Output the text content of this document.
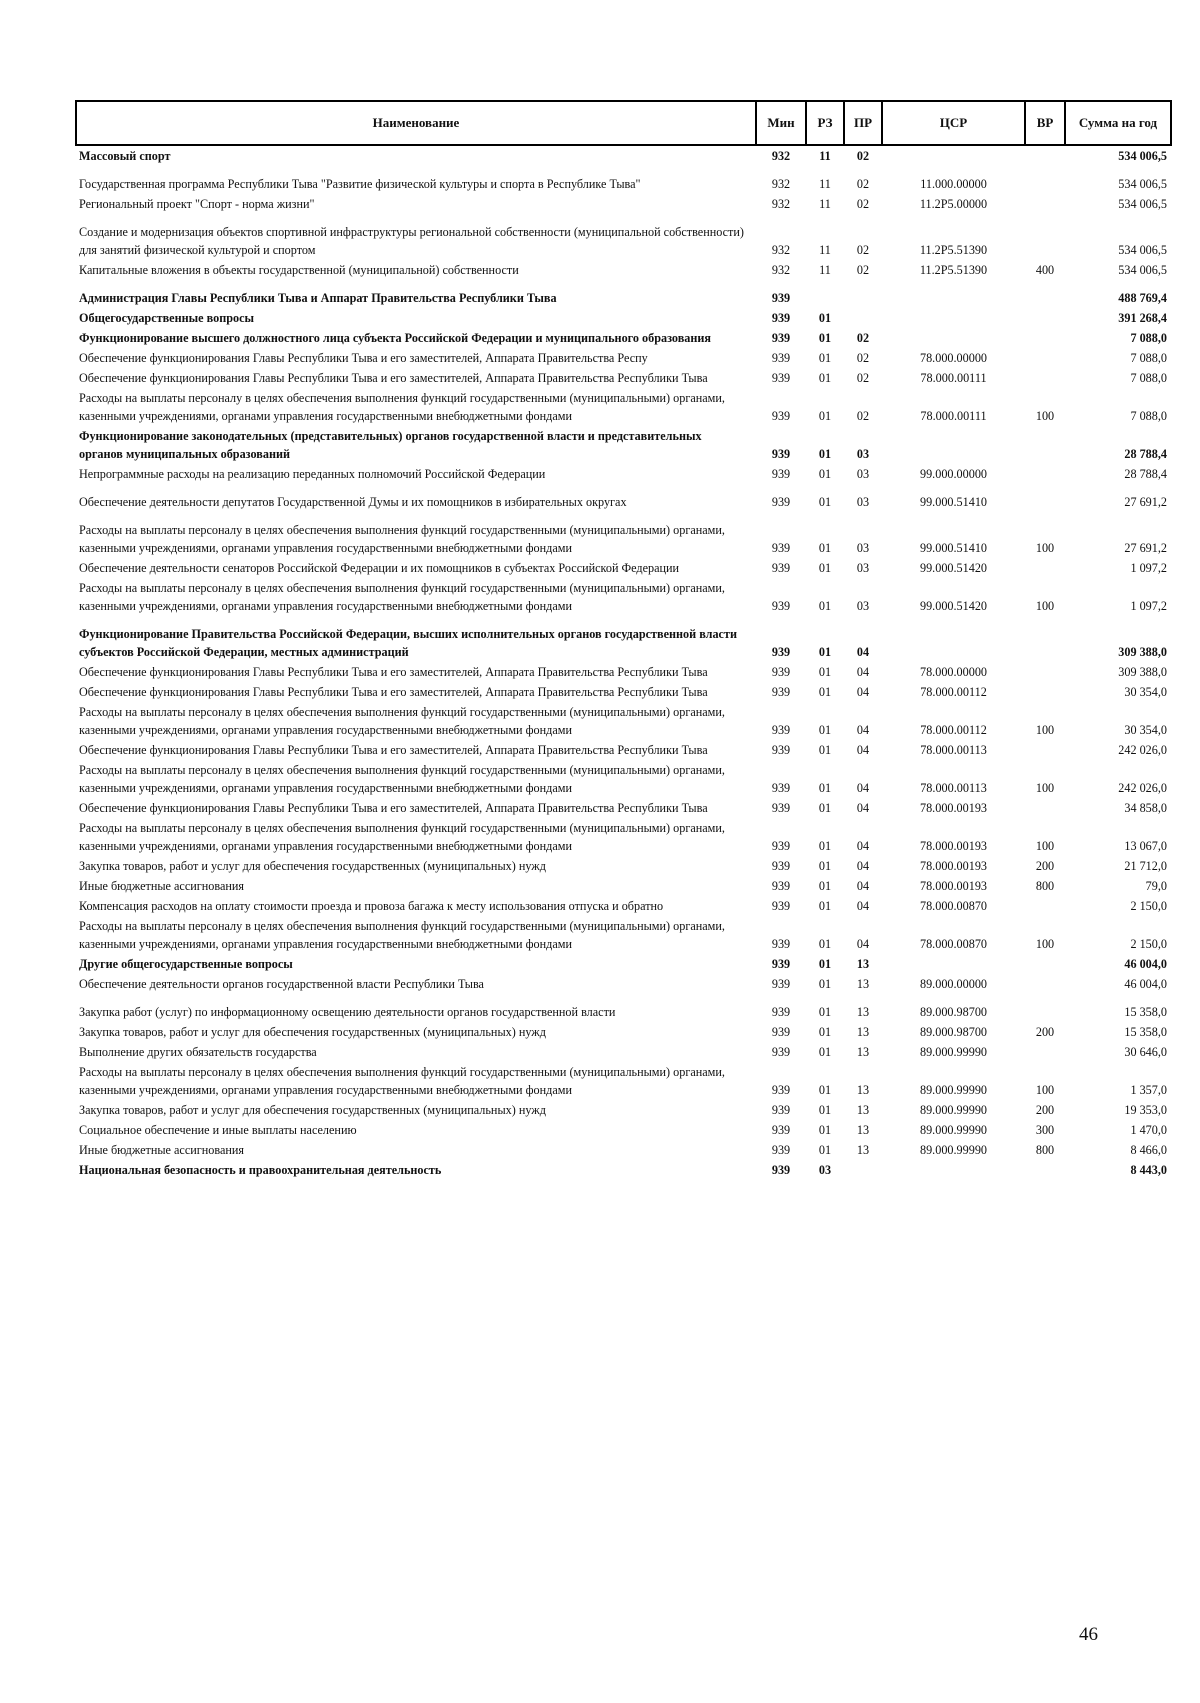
Наименование	Мин	РЗ	ПР	ЦСР	ВР	Сумма на год
Массовый спорт	932	11	02			534 006,5
Государственная программа Республики Тыва "Развитие физической культуры и спорта в Республике Тыва"	932	11	02	11.000.00000		534 006,5
Региональный проект "Спорт - норма жизни"	932	11	02	11.2Р5.00000		534 006,5
Создание и модернизация объектов спортивной инфраструктуры региональной собственности (муниципальной собственности) для занятий физической культурой и спортом	932	11	02	11.2Р5.51390		534 006,5
Капитальные вложения в объекты государственной (муниципальной) собственности	932	11	02	11.2Р5.51390	400	534 006,5
Администрация Главы Республики Тыва и Аппарат Правительства Республики Тыва	939					488 769,4
Общегосударственные вопросы	939	01				391 268,4
Функционирование высшего должностного лица субъекта Российской Федерации и муниципального образования	939	01	02			7 088,0
Обеспечение функционирования Главы Республики Тыва и его заместителей, Аппарата Правительства Респу	939	01	02	78.000.00000		7 088,0
Обеспечение функционирования Главы Республики Тыва и его заместителей, Аппарата Правительства Республики Тыва	939	01	02	78.000.00111		7 088,0
Расходы на выплаты персоналу в целях обеспечения выполнения функций государственными (муниципальными) органами, казенными учреждениями, органами управления государственными внебюджетными фондами	939	01	02	78.000.00111	100	7 088,0
Функционирование законодательных (представительных) органов государственной власти и представительных органов муниципальных образований	939	01	03			28 788,4
Непрограммные расходы на реализацию переданных полномочий Российской Федерации	939	01	03	99.000.00000		28 788,4
Обеспечение деятельности депутатов Государственной Думы и их помощников в избирательных округах	939	01	03	99.000.51410		27 691,2
Расходы на выплаты персоналу в целях обеспечения выполнения функций государственными (муниципальными) органами, казенными учреждениями, органами управления государственными внебюджетными фондами	939	01	03	99.000.51410	100	27 691,2
Обеспечение деятельности сенаторов Российской Федерации и их помощников в субъектах Российской Федерации	939	01	03	99.000.51420		1 097,2
Расходы на выплаты персоналу в целях обеспечения выполнения функций государственными (муниципальными) органами, казенными учреждениями, органами управления государственными внебюджетными фондами	939	01	03	99.000.51420	100	1 097,2
Функционирование Правительства Российской Федерации, высших исполнительных органов государственной власти субъектов Российской Федерации, местных администраций	939	01	04			309 388,0
Обеспечение функционирования Главы Республики Тыва и его заместителей, Аппарата Правительства Республики Тыва	939	01	04	78.000.00000		309 388,0
Обеспечение функционирования Главы Республики Тыва и его заместителей, Аппарата Правительства Республики Тыва	939	01	04	78.000.00112		30 354,0
Расходы на выплаты персоналу в целях обеспечения выполнения функций государственными (муниципальными) органами, казенными учреждениями, органами управления государственными внебюджетными фондами	939	01	04	78.000.00112	100	30 354,0
Обеспечение функционирования Главы Республики Тыва и его заместителей, Аппарата Правительства Республики Тыва	939	01	04	78.000.00113		242 026,0
Расходы на выплаты персоналу в целях обеспечения выполнения функций государственными (муниципальными) органами, казенными учреждениями, органами управления государственными внебюджетными фондами	939	01	04	78.000.00113	100	242 026,0
Обеспечение функционирования Главы Республики Тыва и его заместителей, Аппарата Правительства Республики Тыва	939	01	04	78.000.00193		34 858,0
Расходы на выплаты персоналу в целях обеспечения выполнения функций государственными (муниципальными) органами, казенными учреждениями, органами управления государственными внебюджетными фондами	939	01	04	78.000.00193	100	13 067,0
Закупка товаров, работ и услуг для обеспечения государственных (муниципальных) нужд	939	01	04	78.000.00193	200	21 712,0
Иные бюджетные ассигнования	939	01	04	78.000.00193	800	79,0
Компенсация расходов на оплату стоимости проезда и провоза багажа к месту использования отпуска и обратно	939	01	04	78.000.00870		2 150,0
Расходы на выплаты персоналу в целях обеспечения выполнения функций государственными (муниципальными) органами, казенными учреждениями, органами управления государственными внебюджетными фондами	939	01	04	78.000.00870	100	2 150,0
Другие общегосударственные вопросы	939	01	13			46 004,0
Обеспечение деятельности органов государственной власти Республики Тыва	939	01	13	89.000.00000		46 004,0
Закупка работ (услуг) по информационному освещению деятельности органов государственной власти	939	01	13	89.000.98700		15 358,0
Закупка товаров, работ и услуг для обеспечения государственных (муниципальных) нужд	939	01	13	89.000.98700	200	15 358,0
Выполнение других обязательств государства	939	01	13	89.000.99990		30 646,0
Расходы на выплаты персоналу в целях обеспечения выполнения функций государственными (муниципальными) органами, казенными учреждениями, органами управления государственными внебюджетными фондами	939	01	13	89.000.99990	100	1 357,0
Закупка товаров, работ и услуг для обеспечения государственных (муниципальных) нужд	939	01	13	89.000.99990	200	19 353,0
Социальное обеспечение и иные выплаты населению	939	01	13	89.000.99990	300	1 470,0
Иные бюджетные ассигнования	939	01	13	89.000.99990	800	8 466,0
Национальная безопасность и правоохранительная деятельность	939	03				8 443,0
46
